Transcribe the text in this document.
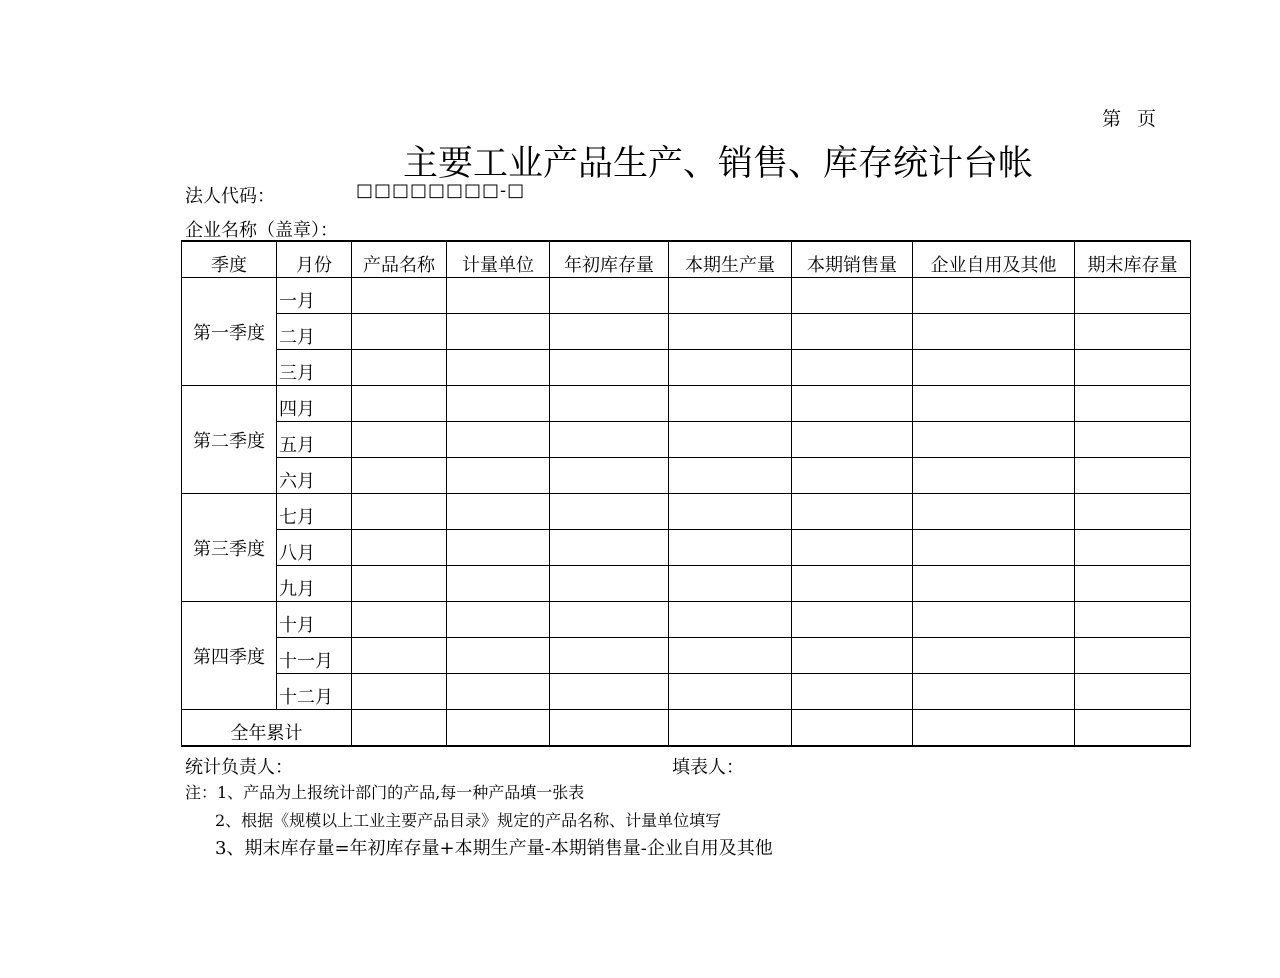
第 页
主要工业产品生产、销售、库存统计台帐
法人代码：	□□□□□□□□-□
企业名称（盖章）：
季度	月份	产品名称	计量单位	年初库存量	本期生产量	本期销售量	企业自用及其他	期末库存量
第一季度	一月							
	二月							
	三月							
第二季度	四月							
	五月							
	六月							
第三季度	七月							
	八月							
	九月							
第四季度	十月							
	十一月							
	十二月							
全年累计								
统计负责人：	填表人：
注：1、产品为上报统计部门的产品,每一种产品填一张表
2、根据《规模以上工业主要产品目录》规定的产品名称、计量单位填写
3、期末库存量=年初库存量+本期生产量-本期销售量-企业自用及其他
